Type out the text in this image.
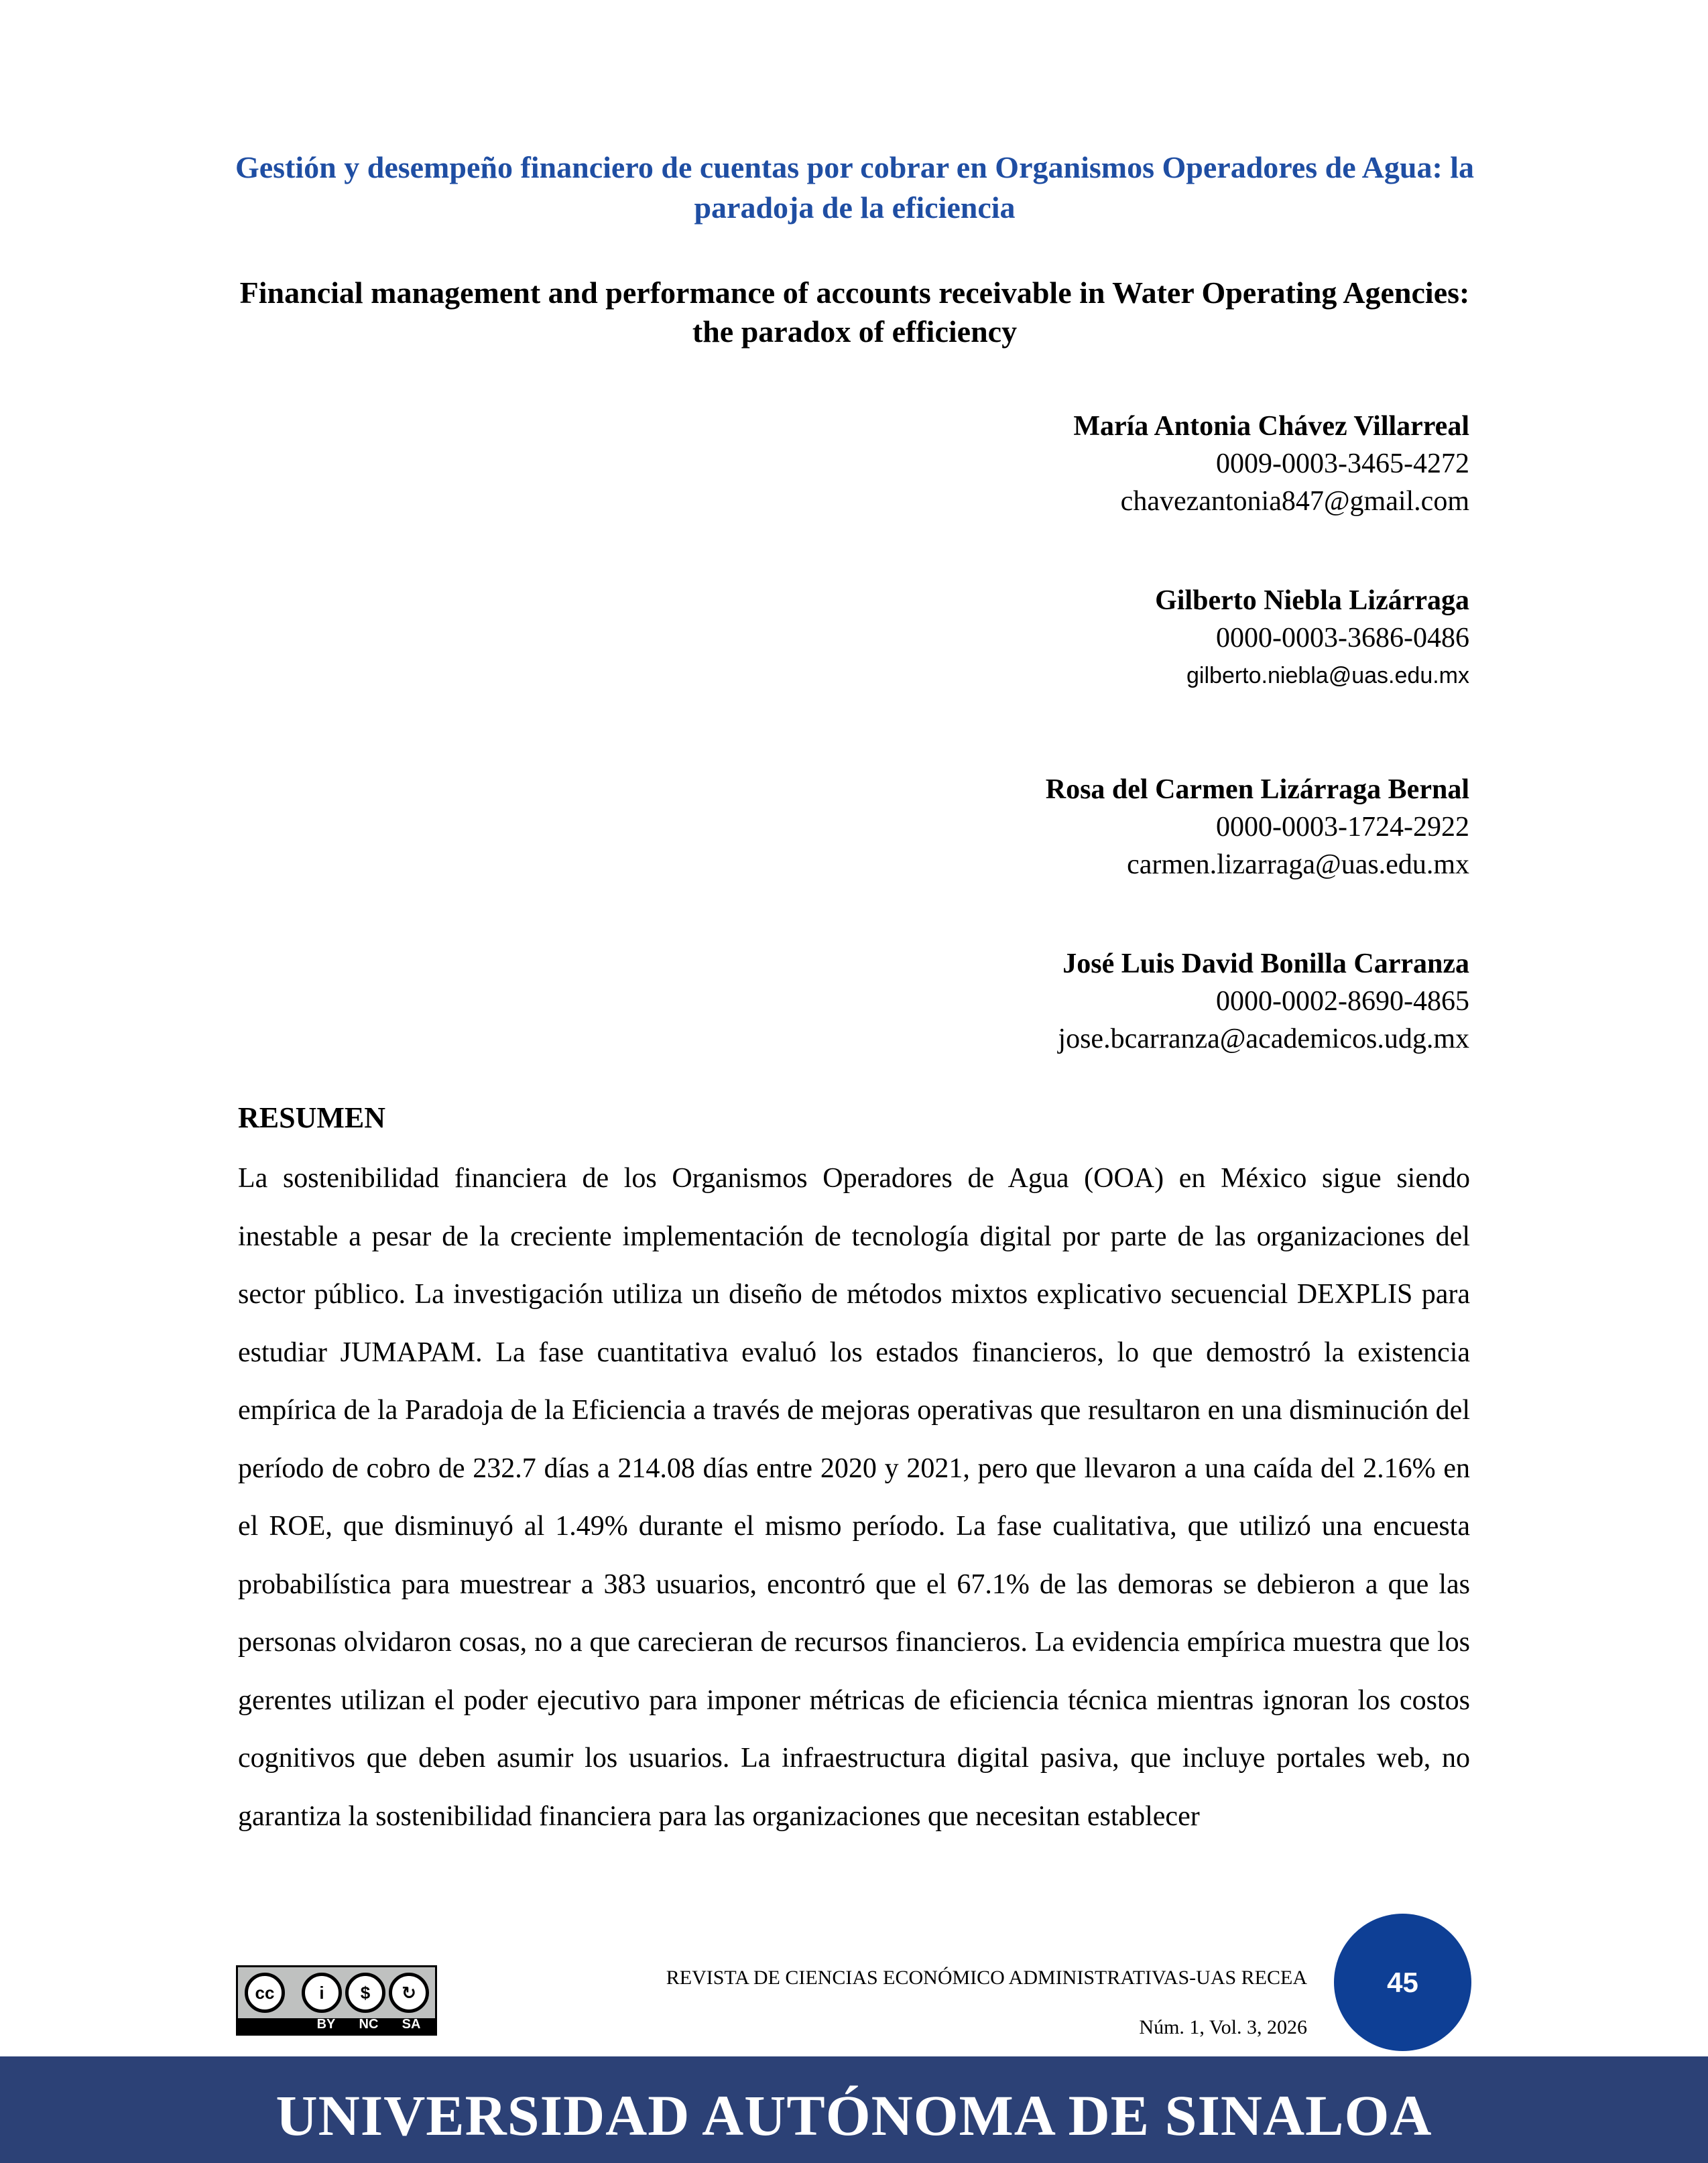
Gestión y desempeño financiero de cuentas por cobrar en Organismos Operadores de Agua: la paradoja de la eficiencia
Financial management and performance of accounts receivable in Water Operating Agencies: the paradox of efficiency
María Antonia Chávez Villarreal
0009-0003-3465-4272
chavezantonia847@gmail.com
Gilberto Niebla Lizárraga
0000-0003-3686-0486
gilberto.niebla@uas.edu.mx
Rosa del Carmen Lizárraga Bernal
0000-0003-1724-2922
carmen.lizarraga@uas.edu.mx
José Luis David Bonilla Carranza
0000-0002-8690-4865
jose.bcarranza@academicos.udg.mx
RESUMEN
La sostenibilidad financiera de los Organismos Operadores de Agua (OOA) en México sigue siendo inestable a pesar de la creciente implementación de tecnología digital por parte de las organizaciones del sector público. La investigación utiliza un diseño de métodos mixtos explicativo secuencial DEXPLIS para estudiar JUMAPAM. La fase cuantitativa evaluó los estados financieros, lo que demostró la existencia empírica de la Paradoja de la Eficiencia a través de mejoras operativas que resultaron en una disminución del período de cobro de 232.7 días a 214.08 días entre 2020 y 2021, pero que llevaron a una caída del 2.16% en el ROE, que disminuyó al 1.49% durante el mismo período. La fase cualitativa, que utilizó una encuesta probabilística para muestrear a 383 usuarios, encontró que el 67.1% de las demoras se debieron a que las personas olvidaron cosas, no a que carecieran de recursos financieros. La evidencia empírica muestra que los gerentes utilizan el poder ejecutivo para imponer métricas de eficiencia técnica mientras ignoran los costos cognitivos que deben asumir los usuarios. La infraestructura digital pasiva, que incluye portales web, no garantiza la sostenibilidad financiera para las organizaciones que necesitan establecer
cc	i	$	↻
BY NC SA
REVISTA DE CIENCIAS ECONÓMICO ADMINISTRATIVAS-UAS RECEA
Núm. 1, Vol. 3, 2026
45
UNIVERSIDAD AUTÓNOMA DE SINALOA
